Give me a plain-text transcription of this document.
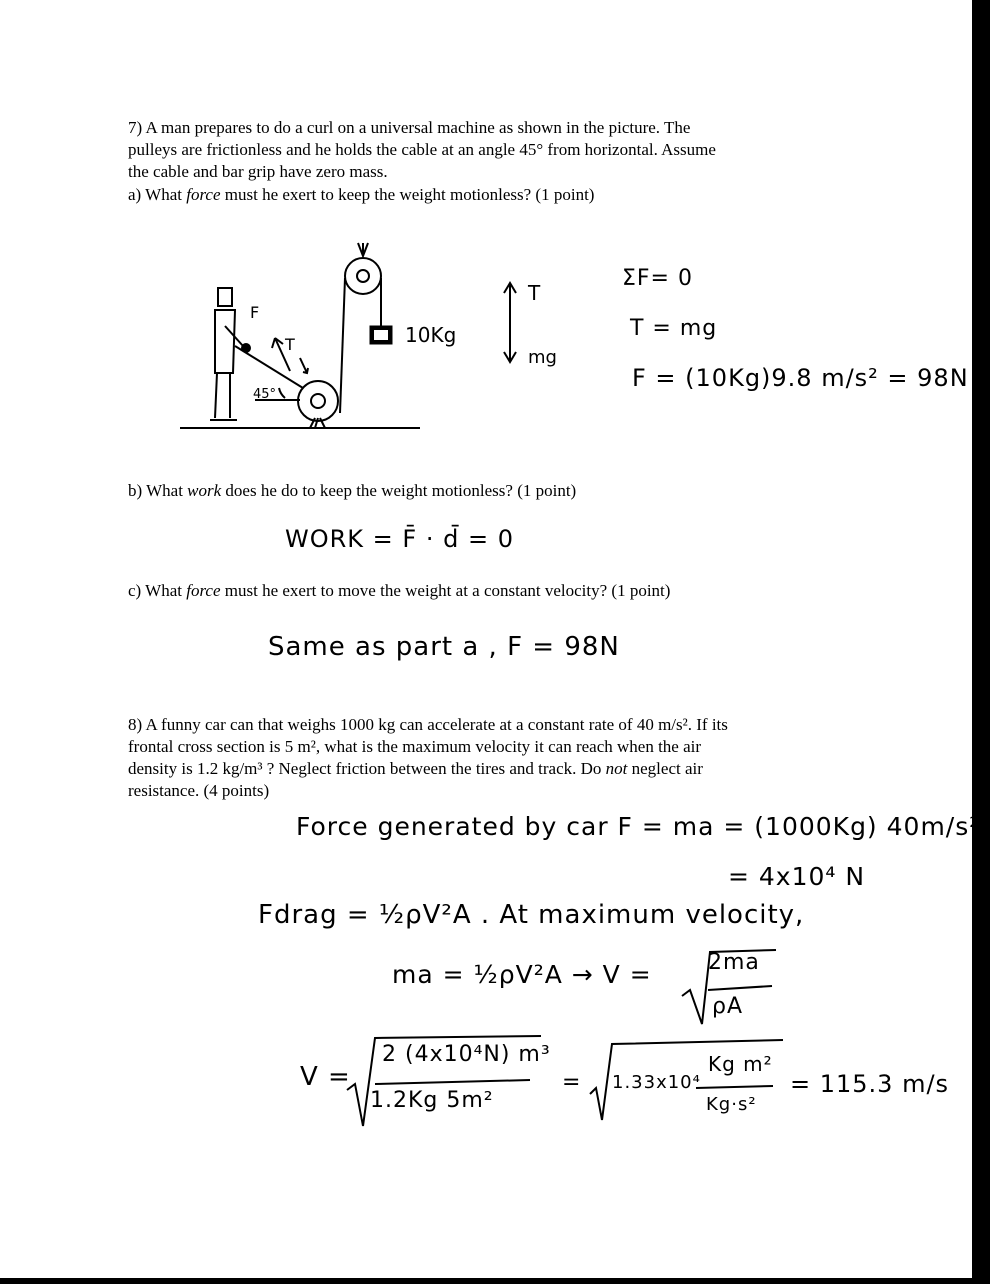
7) A man prepares to do a curl on a universal machine as shown in the picture. The
pulleys are frictionless and he holds the cable at an angle 45° from horizontal. Assume
the cable and bar grip have zero mass.
a) What force must he exert to keep the weight motionless? (1 point)
F
T
45°
10Kg
T
mg
ΣF= 0
T = mg
F = (10Kg)9.8 m/s² = 98N
b) What work does he do to keep the weight motionless? (1 point)
WORK = F̄ · d̄ = 0
c) What force must he exert to move the weight at a constant velocity? (1 point)
Same as part a , F = 98N
8) A funny car can that weighs 1000 kg can accelerate at a constant rate of 40 m/s². If its
frontal cross section is 5 m², what is the maximum velocity it can reach when the air
density is 1.2 kg/m³ ? Neglect friction between the tires and track. Do not neglect air
resistance. (4 points)
Force generated by car F = ma = (1000Kg) 40m/s²
= 4x10⁴ N
Fdrag = ½ρV²A . At maximum velocity,
ma = ½ρV²A → V =	2ma
ρA
V =
2 (4x10⁴N) m³
1.2Kg 5m²
= 1.33x10⁴
Kg m²
Kg·s²
= 115.3 m/s
